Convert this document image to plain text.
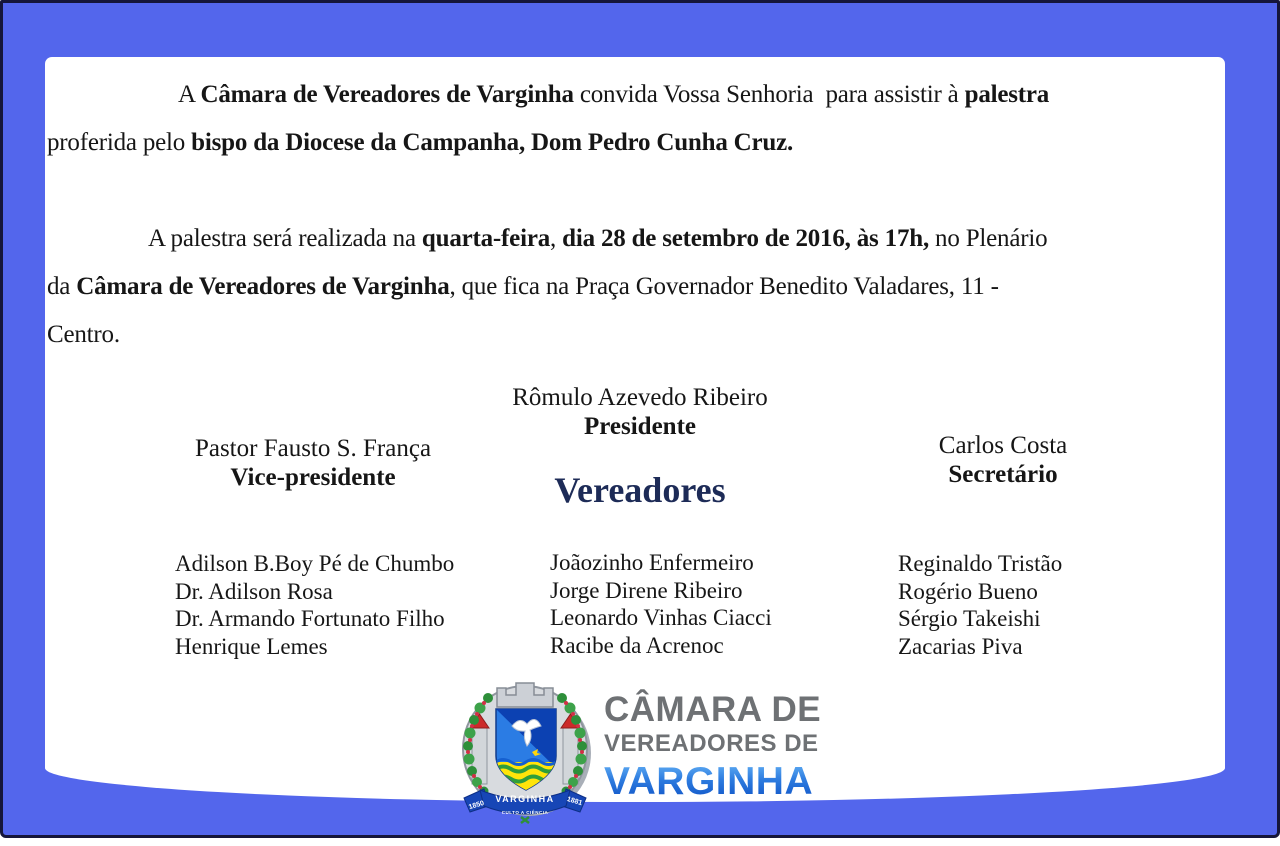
A Câmara de Vereadores de Varginha convida Vossa Senhoria  para assistir à palestra
proferida pelo bispo da Diocese da Campanha, Dom Pedro Cunha Cruz.
A palestra será realizada na quarta-feira, dia 28 de setembro de 2016, às 17h, no Plenário
da Câmara de Vereadores de Varginha, que fica na Praça Governador Benedito Valadares, 11 -
Centro.
Rômulo Azevedo Ribeiro
Presidente
Pastor Fausto S. França
Vice-presidente
Carlos Costa
Secretário
Vereadores
Adilson B.Boy Pé de Chumbo
Dr. Adilson Rosa
Dr. Armando Fortunato Filho
Henrique Lemes
Joãozinho Enfermeiro
Jorge Direne Ribeiro
Leonardo Vinhas Ciacci
Racibe da Acrenoc
Reginaldo Tristão
Rogério Bueno
Sérgio Takeishi
Zacarias Piva
VARGINHA
1850	1881
CULTO A CIÊNCIA
CÂMARA DE
VEREADORES DE
VARGINHA
